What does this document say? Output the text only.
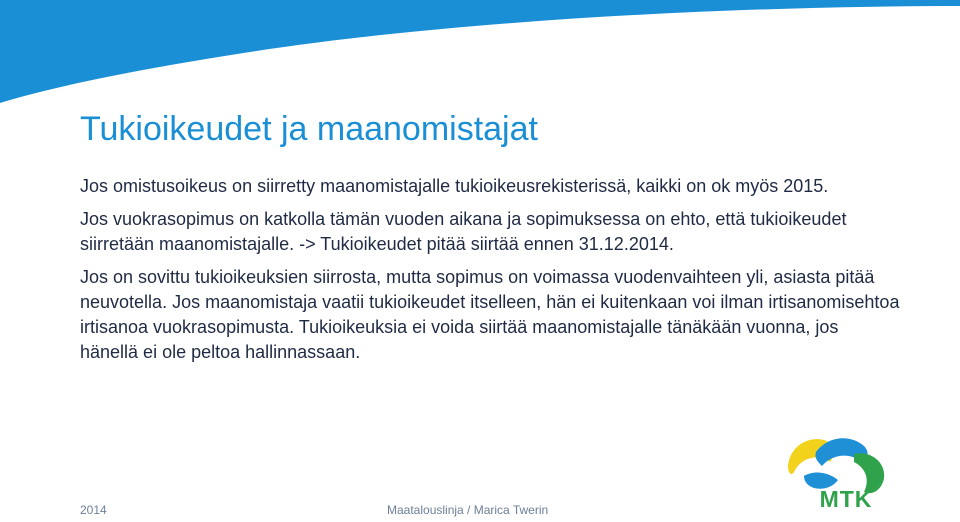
Tukioikeudet ja maanomistajat

Jos omistusoikeus on siirretty maanomistajalle tukioikeusrekisterissä, kaikki on ok myös 2015.

Jos vuokrasopimus on katkolla tämän vuoden aikana ja sopimuksessa on ehto, että tukioikeudet siirretään maanomistajalle. -> Tukioikeudet pitää siirtää ennen 31.12.2014.

Jos on sovittu tukioikeuksien siirrosta, mutta sopimus on voimassa vuodenvaihteen yli, asiasta pitää neuvotella. Jos maanomistaja vaatii tukioikeudet itselleen, hän ei kuitenkaan voi ilman irtisanomisehtoa irtisanoa vuokrasopimusta. Tukioikeuksia ei voida siirtää maanomistajalle tänäkään vuonna, jos hänellä ei ole peltoa hallinnassaan.

2014	Maatalouslinja / Marica Twerin	MTK
